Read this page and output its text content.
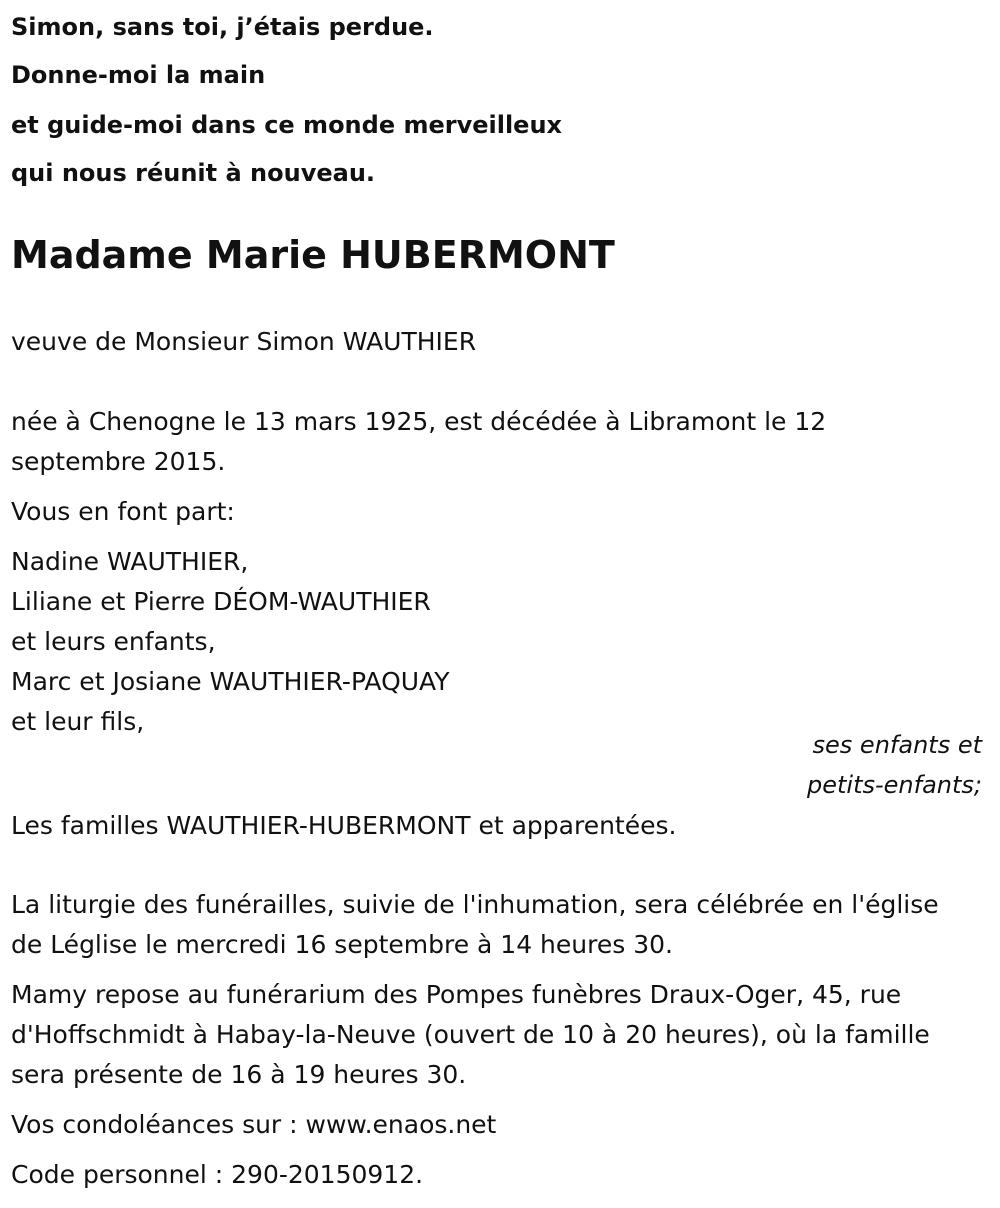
Simon, sans toi, j’étais perdue.
Donne-moi la main
et guide-moi dans ce monde merveilleux
qui nous réunit à nouveau.
Madame Marie HUBERMONT
veuve de Monsieur Simon WAUTHIER
née à Chenogne le 13 mars 1925, est décédée à Libramont le 12
septembre 2015.
Vous en font part:
Nadine WAUTHIER,
Liliane et Pierre DÉOM-WAUTHIER
et leurs enfants,
Marc et Josiane WAUTHIER-PAQUAY
et leur fils,
ses enfants et
petits-enfants;
Les familles WAUTHIER-HUBERMONT et apparentées.
La liturgie des funérailles, suivie de l'inhumation, sera célébrée en l'église
de Léglise le mercredi 16 septembre à 14 heures 30.
Mamy repose au funérarium des Pompes funèbres Draux-Oger, 45, rue
d'Hoffschmidt à Habay-la-Neuve (ouvert de 10 à 20 heures), où la famille
sera présente de 16 à 19 heures 30.
Vos condoléances sur : www.enaos.net
Code personnel : 290-20150912.
